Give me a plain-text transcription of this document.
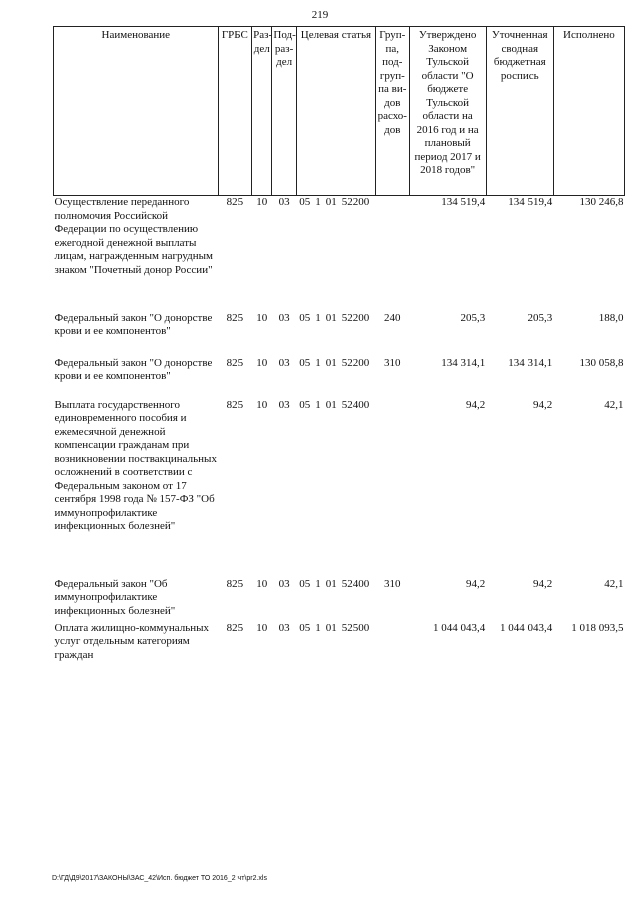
219
Наименование	ГРБС	Раз-дел	Под-раз-дел	Целевая статья	Груп-па, под-груп-па ви-дов расхо-дов	Утверждено Законом Тульской области "О бюджете Тульской области на 2016 год и на плановый период 2017 и 2018 годов"	Уточненная сводная бюджетная роспись	Исполнено
Осуществление переданного полномочия Российской Федерации по осуществлению ежегодной денежной выплаты лицам, награжденным нагрудным знаком "Почетный донор России"	825	10	03	05 1 01 52200		134 519,4	134 519,4	130 246,8
Федеральный закон "О донорстве крови и ее компонентов"	825	10	03	05 1 01 52200	240	205,3	205,3	188,0
Федеральный закон "О донорстве крови и ее компонентов"	825	10	03	05 1 01 52200	310	134 314,1	134 314,1	130 058,8
Выплата государственного единовременного пособия и ежемесячной денежной компенсации гражданам при возникновении поствакцинальных осложнений в соответствии с Федеральным законом от 17 сентября 1998 года № 157-ФЗ "Об иммунопрофилактике инфекционных болезней"	825	10	03	05 1 01 52400		94,2	94,2	42,1
Федеральный закон "Об иммунопрофилактике инфекционных болезней"	825	10	03	05 1 01 52400	310	94,2	94,2	42,1
Оплата жилищно-коммунальных услуг отдельным категориям граждан	825	10	03	05 1 01 52500		1 044 043,4	1 044 043,4	1 018 093,5
D:\ГД\Д9\2017\ЗАКОНЫ\ЗАС_42\Исп. бюджет ТО 2016_2 чт\pr2.xls
